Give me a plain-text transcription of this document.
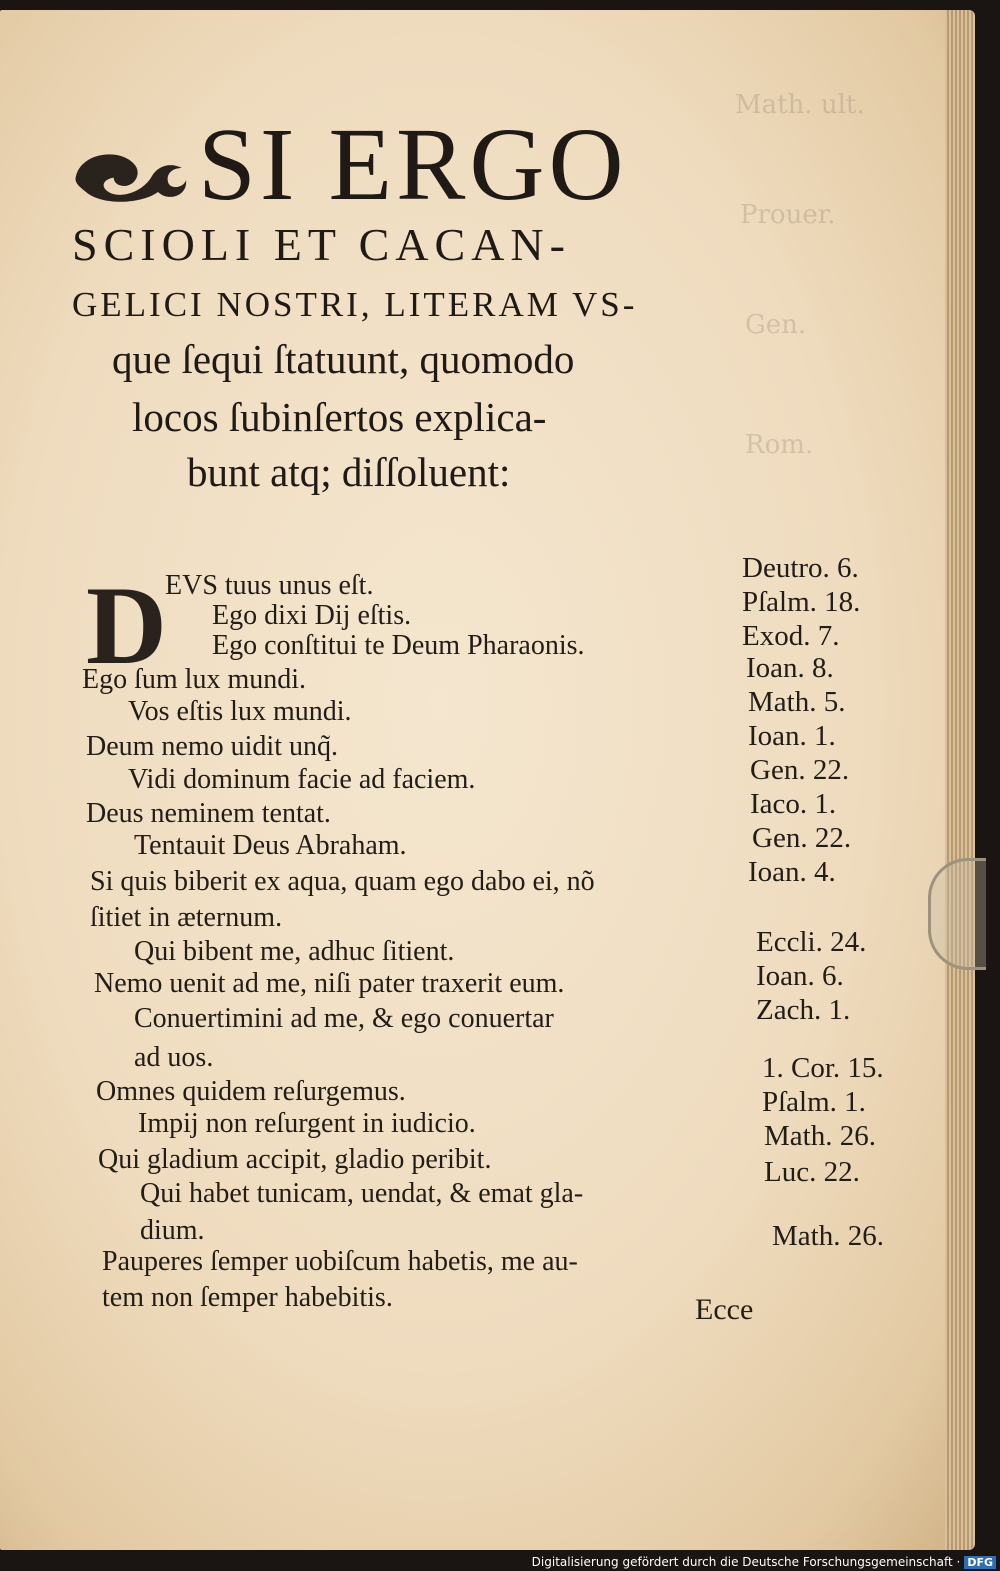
Math. ult.
Prouer.
Gen.
Rom.
SI ERGO
SCIOLI ET CACAN-
GELICI NOSTRI, LITERAM VS-
que ſequi ſtatuunt, quomodo
locos ſubinſertos explica-
bunt atq; diſſoluent:
D
EVS tuus unus eſt.
Ego dixi Dij eſtis.
Ego conſtitui te Deum Pharaonis.
Ego ſum lux mundi.
Vos eſtis lux mundi.
Deum nemo uidit unq̃.
Vidi dominum facie ad faciem.
Deus neminem tentat.
Tentauit Deus Abraham.
Si quis biberit ex aqua, quam ego dabo ei, nõ
ſitiet in æternum.
Qui bibent me, adhuc ſitient.
Nemo uenit ad me, niſi pater traxerit eum.
Conuertimini ad me, & ego conuertar
ad uos.
Omnes quidem reſurgemus.
Impij non reſurgent in iudicio.
Qui gladium accipit, gladio peribit.
Qui habet tunicam, uendat, & emat gla-
dium.
Pauperes ſemper uobiſcum habetis, me au-
tem non ſemper habebitis.
Deutro. 6.
Pſalm. 18.
Exod. 7.
Ioan. 8.
Math. 5.
Ioan. 1.
Gen. 22.
Iaco. 1.
Gen. 22.
Ioan. 4.
Eccli. 24.
Ioan. 6.
Zach. 1.
1. Cor. 15.
Pſalm. 1.
Math. 26.
Luc. 22.
Math. 26.
Ecce
Digitalisierung gefördert durch die Deutsche Forschungsgemeinschaft · DFG
